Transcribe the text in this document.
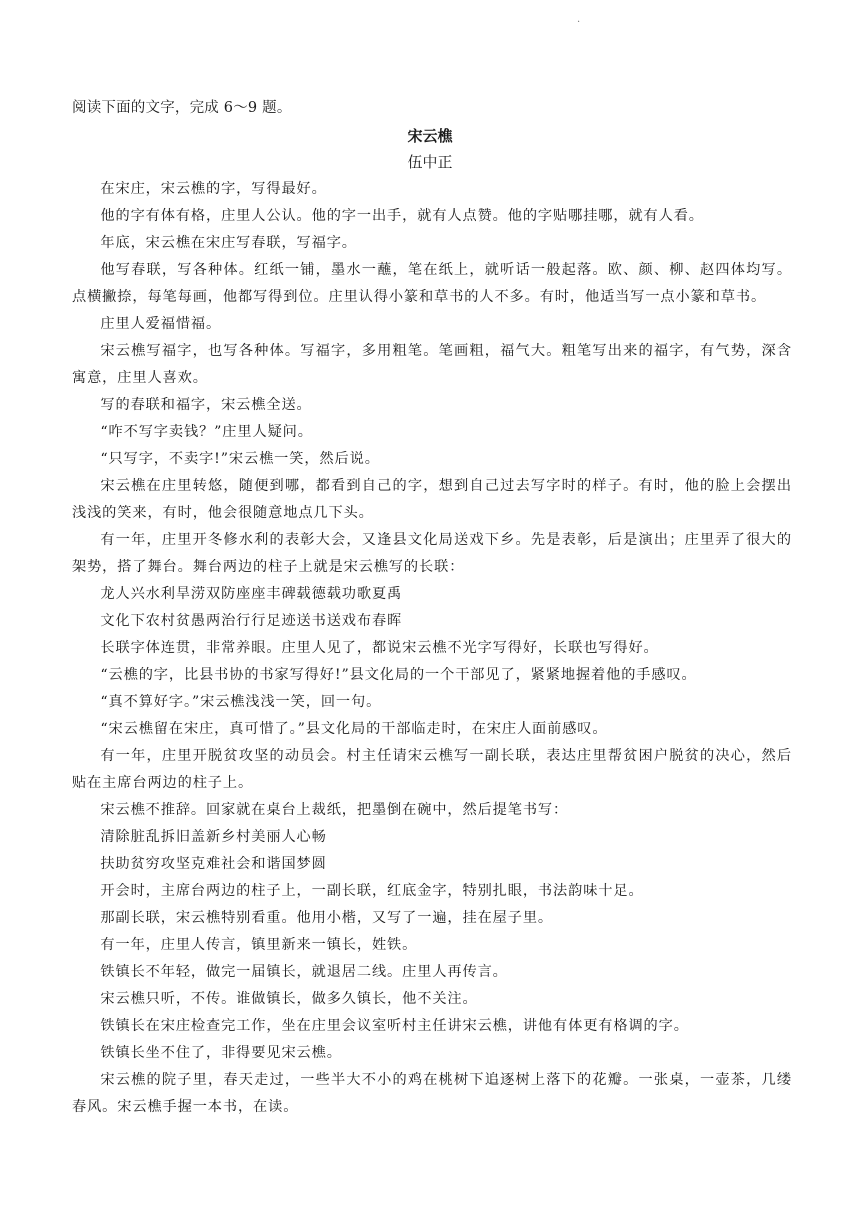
.
阅读下面的文字，完成 6～9 题。
宋云樵
伍中正

在宋庄，宋云樵的字，写得最好。

他的字有体有格，庄里人公认。他的字一出手，就有人点赞。他的字贴哪挂哪，就有人看。

年底，宋云樵在宋庄写春联，写福字。

他写春联，写各种体。红纸一铺，墨水一蘸，笔在纸上，就听话一般起落。欧、颜、柳、赵四体均写。点横撇捺，每笔每画，他都写得到位。庄里认得小篆和草书的人不多。有时，他适当写一点小篆和草书。

庄里人爱福惜福。

宋云樵写福字，也写各种体。写福字，多用粗笔。笔画粗，福气大。粗笔写出来的福字，有气势，深含寓意，庄里人喜欢。

写的春联和福字，宋云樵全送。

“咋不写字卖钱？”庄里人疑问。

“只写字，不卖字!”宋云樵一笑，然后说。

宋云樵在庄里转悠，随便到哪，都看到自己的字，想到自己过去写字时的样子。有时，他的脸上会摆出浅浅的笑来，有时，他会很随意地点几下头。

有一年，庄里开冬修水利的表彰大会，又逢县文化局送戏下乡。先是表彰，后是演出；庄里弄了很大的架势，搭了舞台。舞台两边的柱子上就是宋云樵写的长联：

龙人兴水利旱涝双防座座丰碑载德载功歌夏禹

文化下农村贫愚两治行行足迹送书送戏布春晖

长联字体连贯，非常养眼。庄里人见了，都说宋云樵不光字写得好，长联也写得好。

“云樵的字，比县书协的书家写得好!”县文化局的一个干部见了，紧紧地握着他的手感叹。

“真不算好字。”宋云樵浅浅一笑，回一句。

“宋云樵留在宋庄，真可惜了。”县文化局的干部临走时，在宋庄人面前感叹。

有一年，庄里开脱贫攻坚的动员会。村主任请宋云樵写一副长联，表达庄里帮贫困户脱贫的决心，然后贴在主席台两边的柱子上。

宋云樵不推辞。回家就在桌台上裁纸，把墨倒在碗中，然后提笔书写：

清除脏乱拆旧盖新乡村美丽人心畅

扶助贫穷攻坚克难社会和谐国梦圆

开会时，主席台两边的柱子上，一副长联，红底金字，特别扎眼，书法韵味十足。

那副长联，宋云樵特别看重。他用小楷，又写了一遍，挂在屋子里。

有一年，庄里人传言，镇里新来一镇长，姓铁。

铁镇长不年轻，做完一届镇长，就退居二线。庄里人再传言。

宋云樵只听，不传。谁做镇长，做多久镇长，他不关注。

铁镇长在宋庄检查完工作，坐在庄里会议室听村主任讲宋云樵，讲他有体更有格调的字。

铁镇长坐不住了，非得要见宋云樵。

宋云樵的院子里，春天走过，一些半大不小的鸡在桃树下追逐树上落下的花瓣。一张桌，一壶茶，几缕春风。宋云樵手握一本书，在读。
